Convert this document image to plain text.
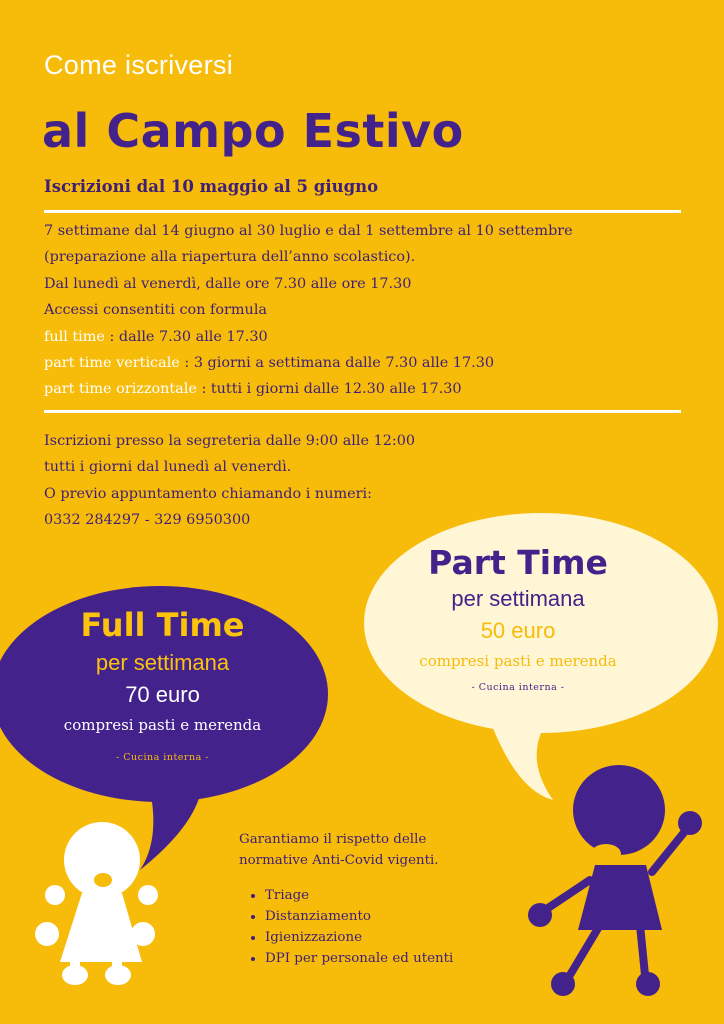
Come iscriversi
al Campo Estivo
Iscrizioni dal 10 maggio al 5 giugno

7 settimane dal 14 giugno al 30 luglio e dal 1 settembre al 10 settembre

(preparazione alla riapertura dell’anno scolastico).

Dal lunedì al venerdì, dalle ore 7.30 alle ore 17.30

Accessi consentiti con formula

full time : dalle 7.30 alle 17.30

part time verticale : 3 giorni a settimana dalle 7.30 alle 17.30

part time orizzontale : tutti i giorni dalle 12.30 alle 17.30

Iscrizioni presso la segreteria dalle 9:00 alle 12:00

tutti i giorni dal lunedì al venerdì.

O previo appuntamento chiamando i numeri:

0332 284297 - 329 6950300

Part Time
per settimana
50 euro
compresi pasti e merenda
- Cucina interna -
Full Time
per settimana
70 euro
compresi pasti e merenda
- Cucina interna -

Garantiamo il rispetto delle

normative Anti-Covid vigenti.

• Triage
• Distanziamento
• Igienizzazione
• DPI per personale ed utenti
